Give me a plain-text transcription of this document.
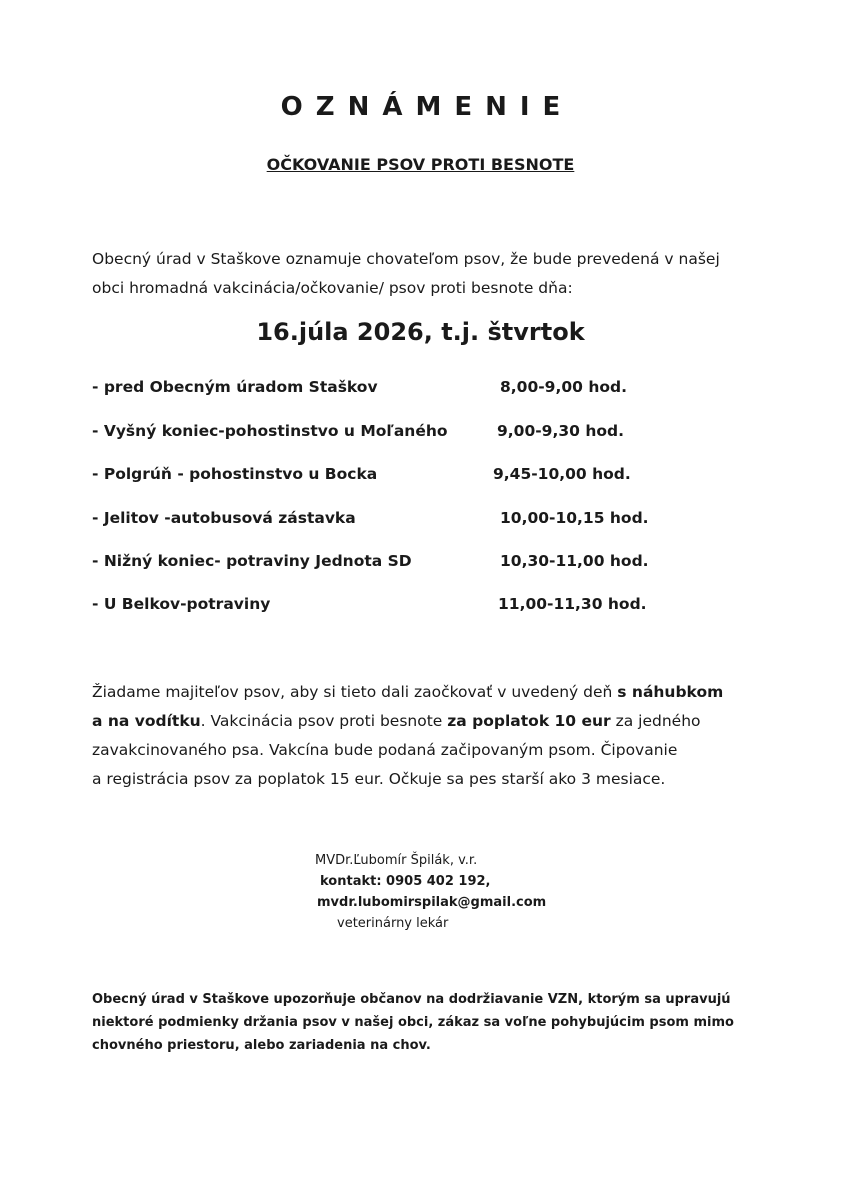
OZNÁMENIE
OČKOVANIE PSOV PROTI BESNOTE
Obecný úrad v Staškove oznamuje chovateľom psov, že bude prevedená v našej
obci hromadná vakcinácia/očkovanie/ psov proti besnote dňa:
16.júla 2026, t.j. štvrtok
- pred Obecným úradom Staškov	8,00-9,00 hod.
- Vyšný koniec-pohostinstvo u Moľaného	9,00-9,30 hod.
- Polgrúň - pohostinstvo u Bocka	9,45-10,00 hod.
- Jelitov -autobusová zástavka	10,00-10,15 hod.
- Nižný koniec- potraviny Jednota SD	10,30-11,00 hod.
- U Belkov-potraviny	11,00-11,30 hod.
Žiadame majiteľov psov, aby si tieto dali zaočkovať v uvedený deň s náhubkom
a na vodítku. Vakcinácia psov proti besnote za poplatok 10 eur za jedného
zavakcinovaného psa. Vakcína bude podaná začipovaným psom. Čipovanie
a registrácia psov za poplatok 15 eur. Očkuje sa pes starší ako 3 mesiace.
MVDr.Ľubomír Špilák, v.r.
kontakt: 0905 402 192,
mvdr.lubomirspilak@gmail.com
veterinárny lekár
Obecný úrad v Staškove upozorňuje občanov na dodržiavanie VZN, ktorým sa upravujú
niektoré podmienky držania psov v našej obci, zákaz sa voľne pohybujúcim psom mimo
chovného priestoru, alebo zariadenia na chov.
